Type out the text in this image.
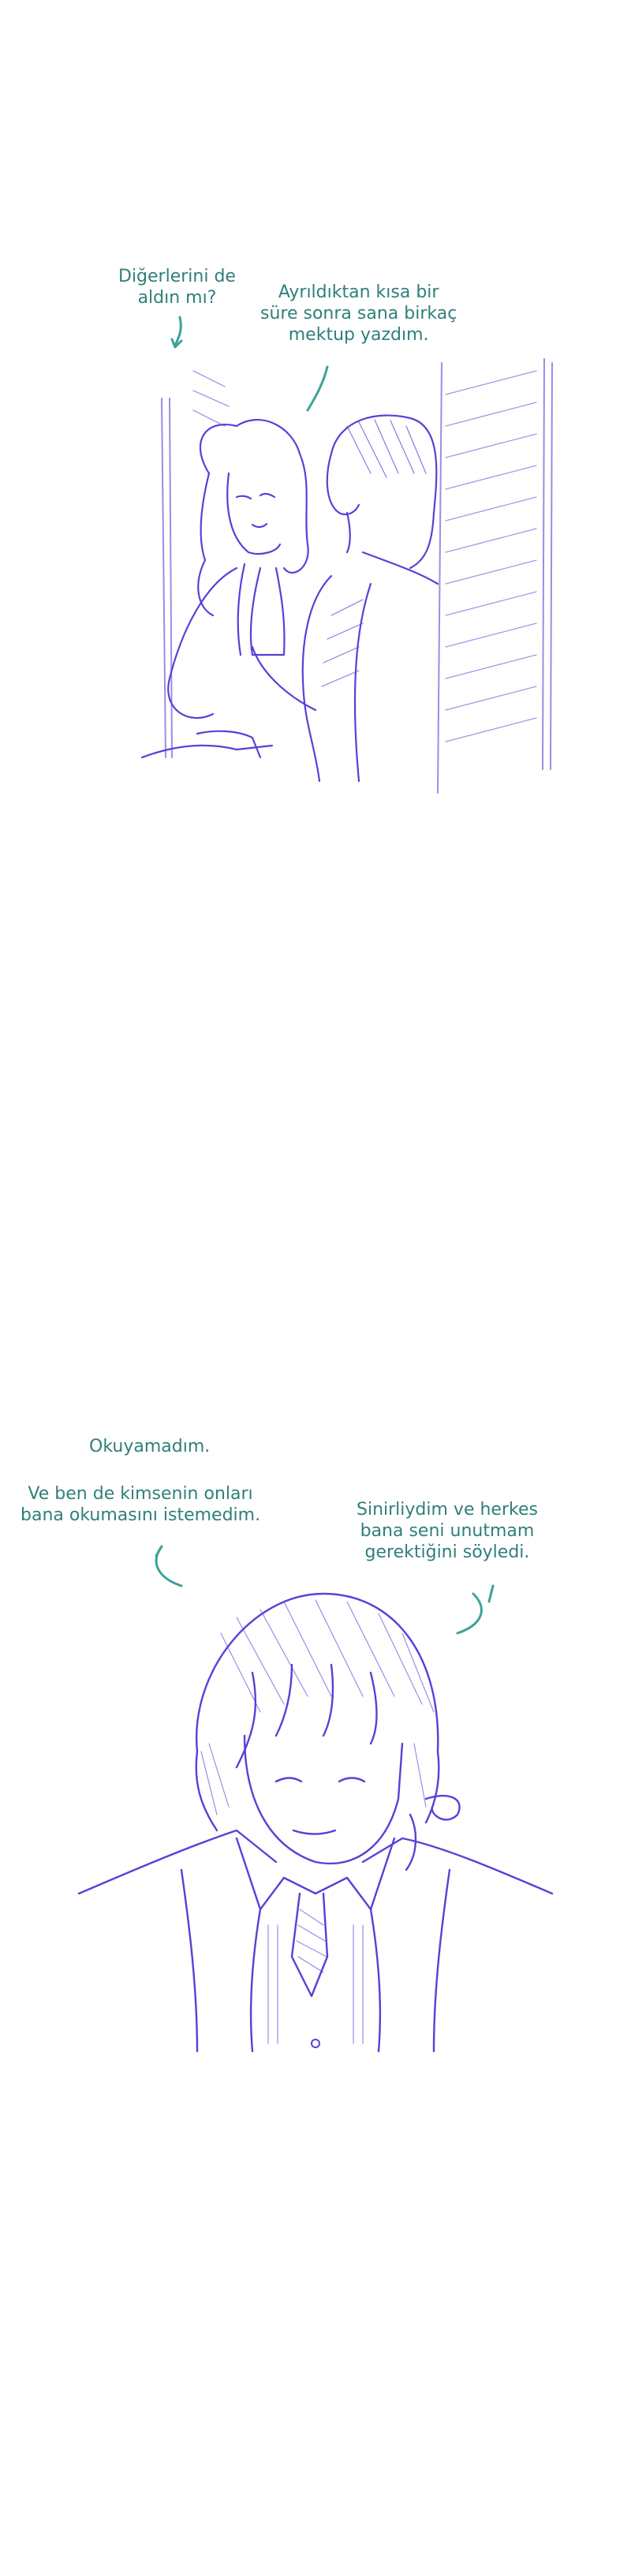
Diğerlerini de
aldın mı?	Ayrıldıktan kısa bir
süre sonra sana birkaç
mektup yazdım.
Okuyamadım.
Ve ben de kimsenin onları
bana okumasını istemedim.	Sinirliydim ve herkes
bana seni unutmam
gerektiğini söyledi.
